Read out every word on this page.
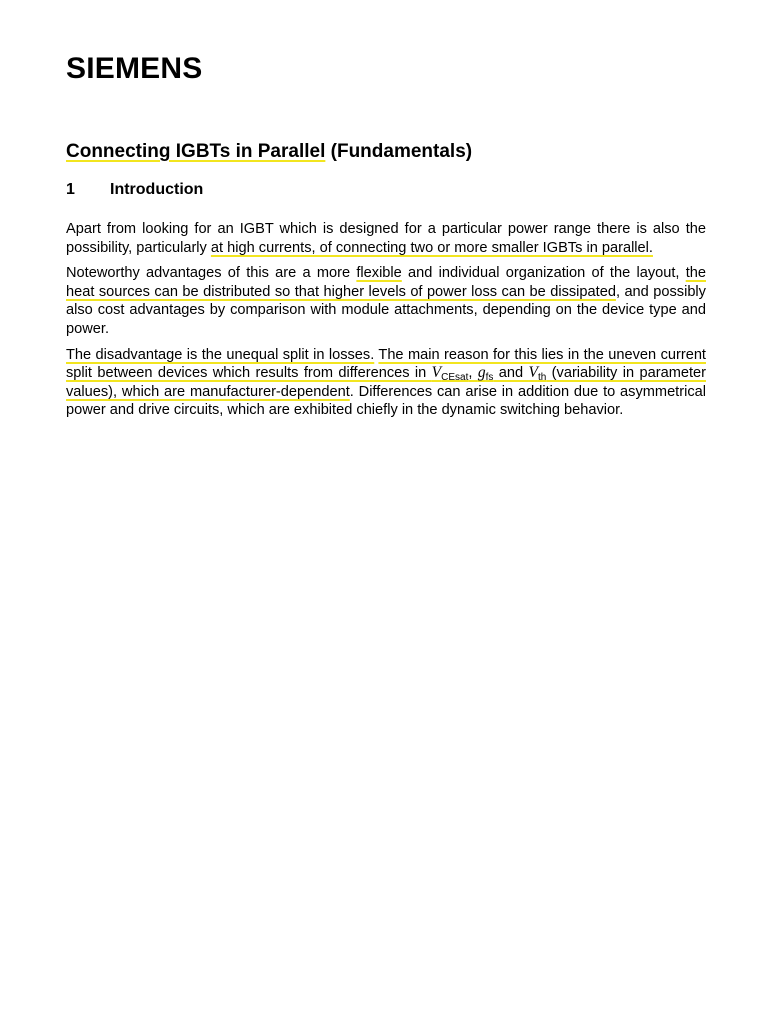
SIEMENS
Connecting IGBTs in Parallel (Fundamentals)
1 Introduction

Apart from looking for an IGBT which is designed for a particular power range there is also the possibility, particularly at high currents, of connecting two or more smaller IGBTs in parallel.

Noteworthy advantages of this are a more flexible and individual organization of the layout, the heat sources can be distributed so that higher levels of power loss can be dissipated, and possibly also cost advantages by comparison with module attachments, depending on the device type and power.

The disadvantage is the unequal split in losses. The main reason for this lies in the uneven current split between devices which results from differences in $V_{CEsat}$, $g_{fs}$ and $V_{th}$ (variability in parameter values), which are manufacturer-dependent. Differences can arise in addition due to asymmetrical power and drive circuits, which are exhibited chiefly in the dynamic switching behavior.
